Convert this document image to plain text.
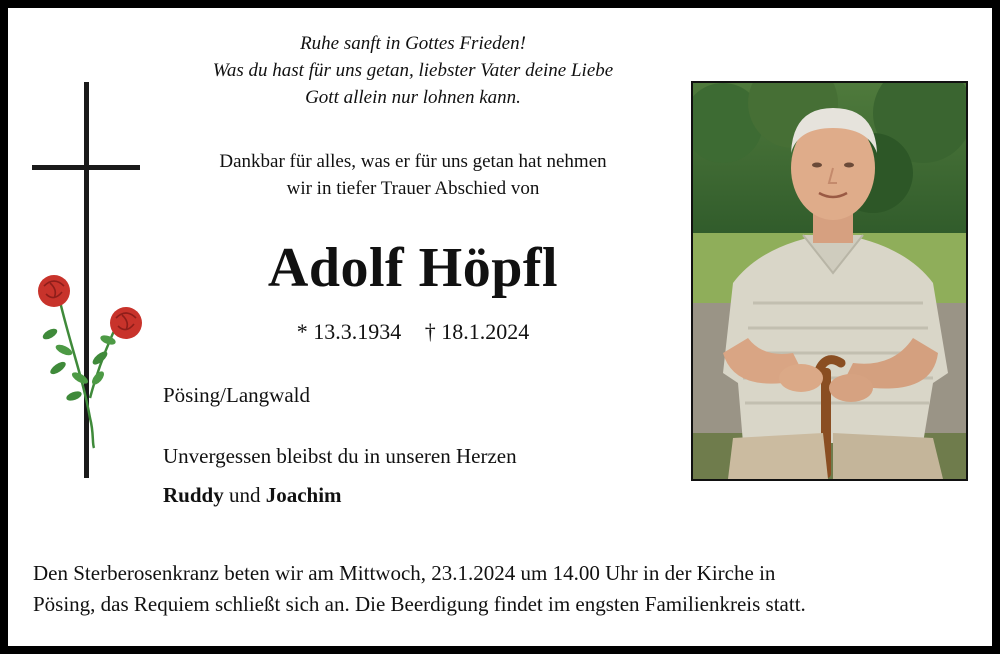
Ruhe sanft in Gottes Frieden!
Was du hast für uns getan, liebster Vater deine Liebe
Gott allein nur lohnen kann.
Dankbar für alles, was er für uns getan hat nehmen
wir in tiefer Trauer Abschied von
Adolf Höpfl
* 13.3.1934 † 18.1.2024
Pösing/Langwald
Unvergessen bleibst du in unseren Herzen
Ruddy und Joachim
Den Sterberosenkranz beten wir am Mittwoch, 23.1.2024 um 14.00 Uhr in der Kirche in
Pösing, das Requiem schließt sich an. Die Beerdigung findet im engsten Familienkreis statt.
